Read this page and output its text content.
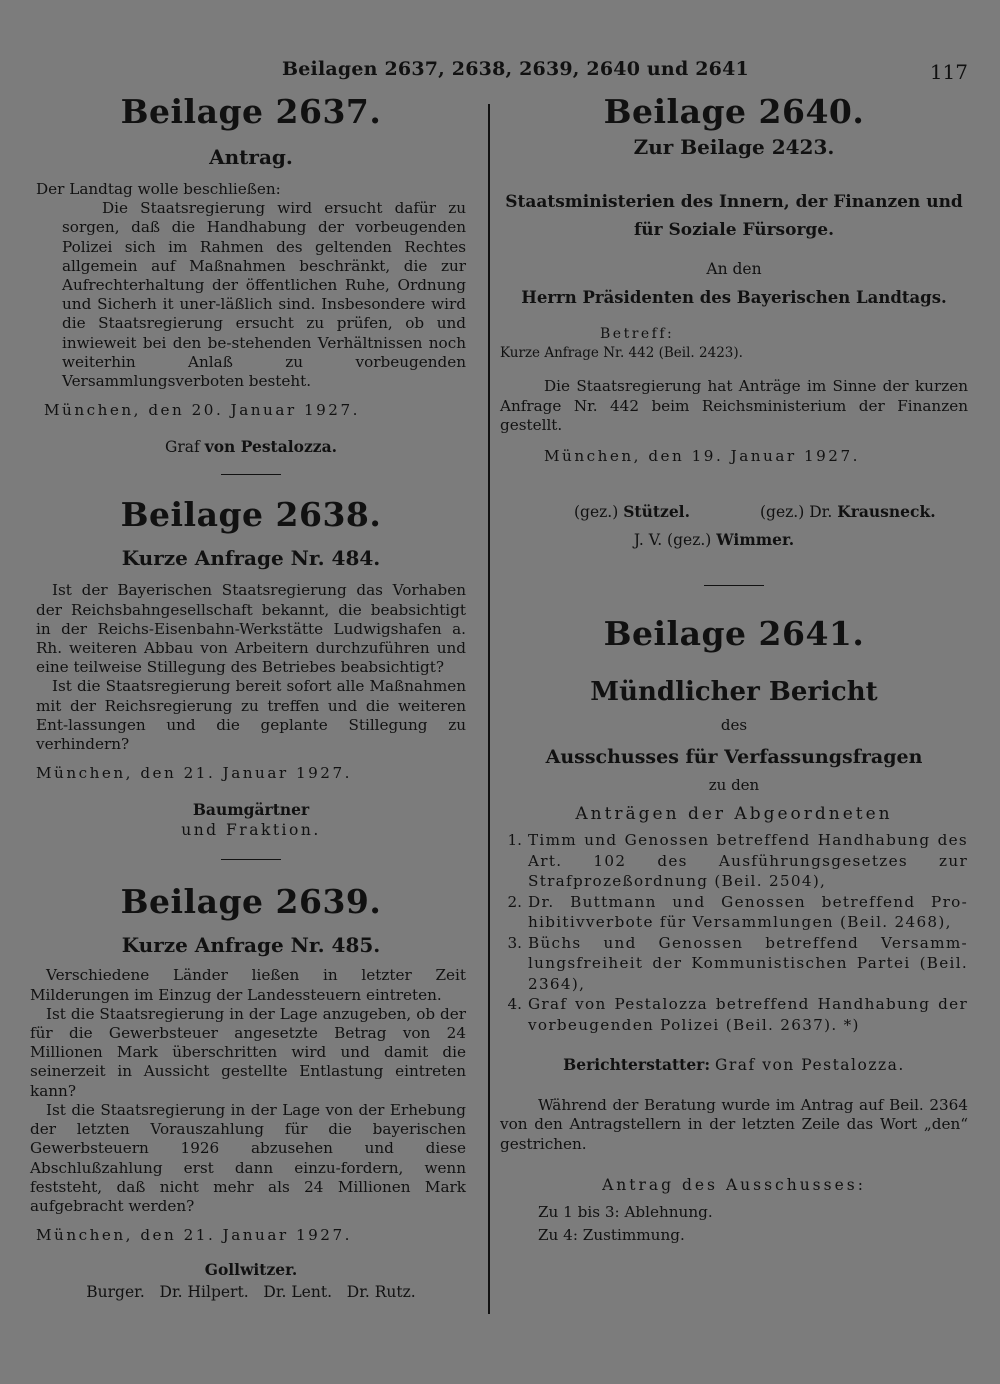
Beilagen 2637, 2638, 2639, 2640 und 2641	117
Beilage 2637.
Antrag.

Der Landtag wolle beschließen:

Die Staatsregierung wird ersucht dafür zu sorgen, daß die Handhabung der vorbeugenden Polizei sich im Rahmen des geltenden Rechtes allgemein auf Maßnahmen beschränkt, die zur Aufrechterhaltung der öffentlichen Ruhe, Ordnung und Sicherh it uner-läßlich sind. Insbesondere wird die Staatsregierung ersucht zu prüfen, ob und inwieweit bei den be-stehenden Verhältnissen noch weiterhin Anlaß zu vorbeugenden Versammlungsverboten besteht.

München, den 20. Januar 1927.

Graf von Pestalozza.

Beilage 2638.
Kurze Anfrage Nr. 484.

Ist der Bayerischen Staatsregierung das Vorhaben der Reichsbahngesellschaft bekannt, die beabsichtigt in der Reichs-Eisenbahn-Werkstätte Ludwigshafen a. Rh. weiteren Abbau von Arbeitern durchzuführen und eine teilweise Stillegung des Betriebes beabsichtigt?

Ist die Staatsregierung bereit sofort alle Maßnahmen mit der Reichsregierung zu treffen und die weiteren Ent-lassungen und die geplante Stillegung zu verhindern?

München, den 21. Januar 1927.

Baumgärtner

und Fraktion.

Beilage 2639.
Kurze Anfrage Nr. 485.

Verschiedene Länder ließen in letzter Zeit Milderungen im Einzug der Landessteuern eintreten.

Ist die Staatsregierung in der Lage anzugeben, ob der für die Gewerbsteuer angesetzte Betrag von 24 Millionen Mark überschritten wird und damit die seinerzeit in Aussicht gestellte Entlastung eintreten kann?

Ist die Staatsregierung in der Lage von der Erhebung der letzten Vorauszahlung für die bayerischen Gewerbsteuern 1926 abzusehen und diese Abschlußzahlung erst dann einzu-fordern, wenn feststeht, daß nicht mehr als 24 Millionen Mark aufgebracht werden?

München, den 21. Januar 1927.

Gollwitzer.

Burger.   Dr. Hilpert.   Dr. Lent.   Dr. Rutz.

Beilage 2640.
Zur Beilage 2423.

Staatsministerien des Innern, der Finanzen und für Soziale Fürsorge.

An den

Herrn Präsidenten des Bayerischen Landtags.

Betreff:

Kurze Anfrage Nr. 442 (Beil. 2423).

Die Staatsregierung hat Anträge im Sinne der kurzen Anfrage Nr. 442 beim Reichsministerium der Finanzen gestellt.

München, den 19. Januar 1927.

(gez.) Stützel.	(gez.) Dr. Krausneck.
J. V. (gez.) Wimmer.
Beilage 2641.
Mündlicher Bericht

des

Ausschusses für Verfassungsfragen

zu den

Anträgen der Abgeordneten

1. Timm und Genossen betreffend Handhabung des Art. 102 des Ausführungsgesetzes zur Strafprozeßordnung (Beil. 2504),
2. Dr. Buttmann und Genossen betreffend Pro-hibitivverbote für Versammlungen (Beil. 2468),
3. Büchs und Genossen betreffend Versamm-lungsfreiheit der Kommunistischen Partei (Beil. 2364),
4. Graf von Pestalozza betreffend Handhabung der vorbeugenden Polizei (Beil. 2637). *)

Berichterstatter: Graf von Pestalozza.

Während der Beratung wurde im Antrag auf Beil. 2364 von den Antragstellern in der letzten Zeile das Wort „den“ gestrichen.

Antrag des Ausschusses:

Zu 1 bis 3: Ablehnung.

Zu 4: Zustimmung.
